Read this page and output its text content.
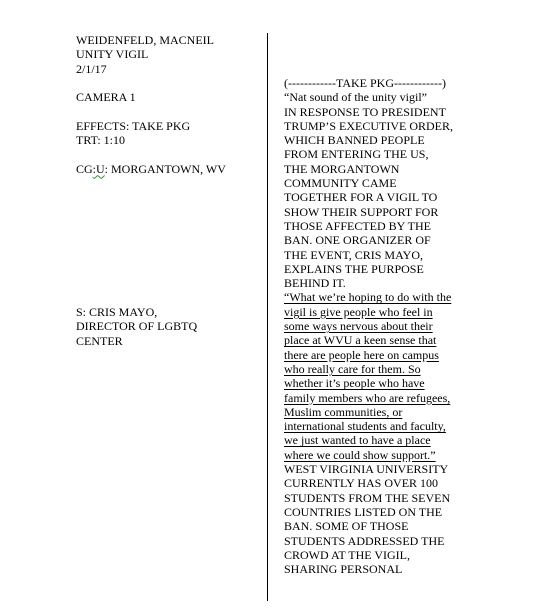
WEIDENFELD, MACNEIL
UNITY VIGIL
2/1/17
CAMERA 1
EFFECTS: TAKE PKG
TRT: 1:10
CG:U: MORGANTOWN, WV
S: CRIS MAYO,
DIRECTOR OF LGBTQ
CENTER
(------------TAKE PKG------------)
“Nat sound of the unity vigil”
IN RESPONSE TO PRESIDENT
TRUMP’S EXECUTIVE ORDER,
WHICH BANNED PEOPLE
FROM ENTERING THE US,
THE MORGANTOWN
COMMUNITY CAME
TOGETHER FOR A VIGIL TO
SHOW THEIR SUPPORT FOR
THOSE AFFECTED BY THE
BAN. ONE ORGANIZER OF
THE EVENT, CRIS MAYO,
EXPLAINS THE PURPOSE
BEHIND IT.
“What we’re hoping to do with the
vigil is give people who feel in
some ways nervous about their
place at WVU a keen sense that
there are people here on campus
who really care for them. So
whether it’s people who have
family members who are refugees,
Muslim communities, or
international students and faculty,
we just wanted to have a place
where we could show support.”
WEST VIRGINIA UNIVERSITY
CURRENTLY HAS OVER 100
STUDENTS FROM THE SEVEN
COUNTRIES LISTED ON THE
BAN. SOME OF THOSE
STUDENTS ADDRESSED THE
CROWD AT THE VIGIL,
SHARING PERSONAL
